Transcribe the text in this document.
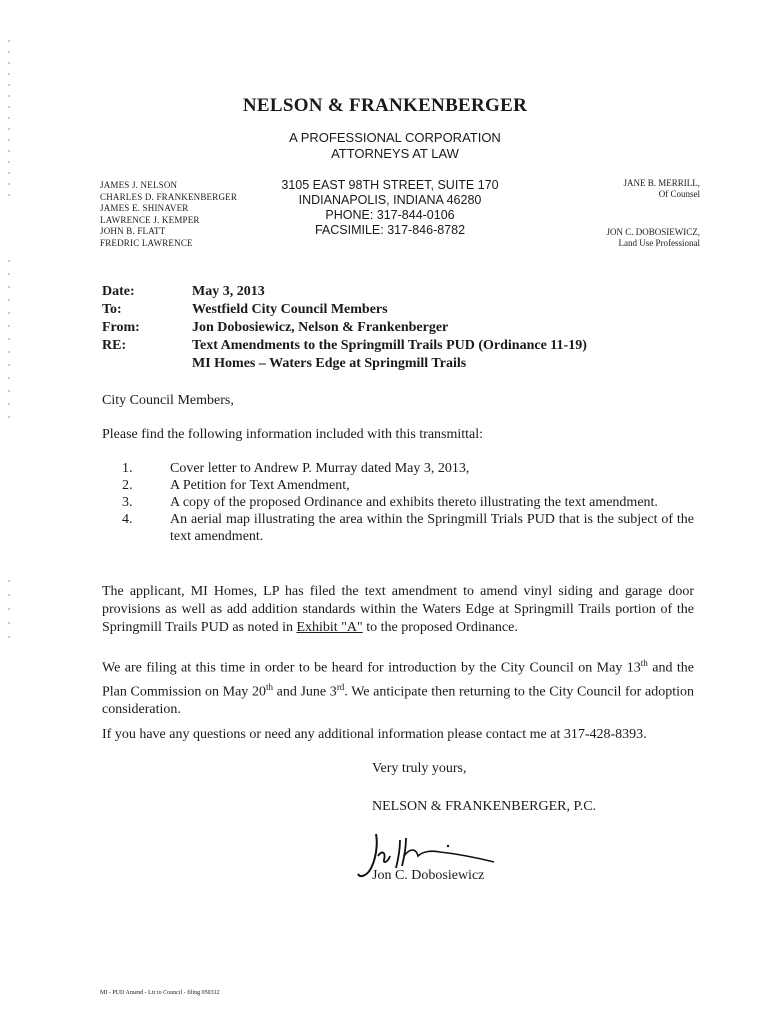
NELSON & FRANKENBERGER
A PROFESSIONAL CORPORATION
ATTORNEYS AT LAW
JAMES J. NELSON
CHARLES D. FRANKENBERGER
JAMES E. SHINAVER
LAWRENCE J. KEMPER
JOHN B. FLATT
FREDRIC LAWRENCE
3105 EAST 98TH STREET, SUITE 170
INDIANAPOLIS, INDIANA 46280
PHONE: 317-844-0106
FACSIMILE: 317-846-8782
JANE B. MERRILL,
Of Counsel
JON C. DOBOSIEWICZ,
Land Use Professional
Date:	May 3, 2013
To:	Westfield City Council Members
From:	Jon Dobosiewicz, Nelson & Frankenberger
RE:	Text Amendments to the Springmill Trails PUD (Ordinance 11-19)
MI Homes – Waters Edge at Springmill Trails
City Council Members,
Please find the following information included with this transmittal:
1.	Cover letter to Andrew P. Murray dated May 3, 2013,
2.	A Petition for Text Amendment,
3.	A copy of the proposed Ordinance and exhibits thereto illustrating the text amendment.
4.	An aerial map illustrating the area within the Springmill Trials PUD that is the subject of the text amendment.
The applicant, MI Homes, LP has filed the text amendment to amend vinyl siding and garage door provisions as well as add addition standards within the Waters Edge at Springmill Trails portion of the Springmill Trails PUD as noted in Exhibit "A" to the proposed Ordinance.
We are filing at this time in order to be heard for introduction by the City Council on May 13th and the Plan Commission on May 20th and June 3rd. We anticipate then returning to the City Council for adoption consideration.
If you have any questions or need any additional information please contact me at 317-428-8393.
Very truly yours,
NELSON & FRANKENBERGER, P.C.
Jon C. Dobosiewicz
MI - PUD Amend - Ltr to Council - filing 050312
